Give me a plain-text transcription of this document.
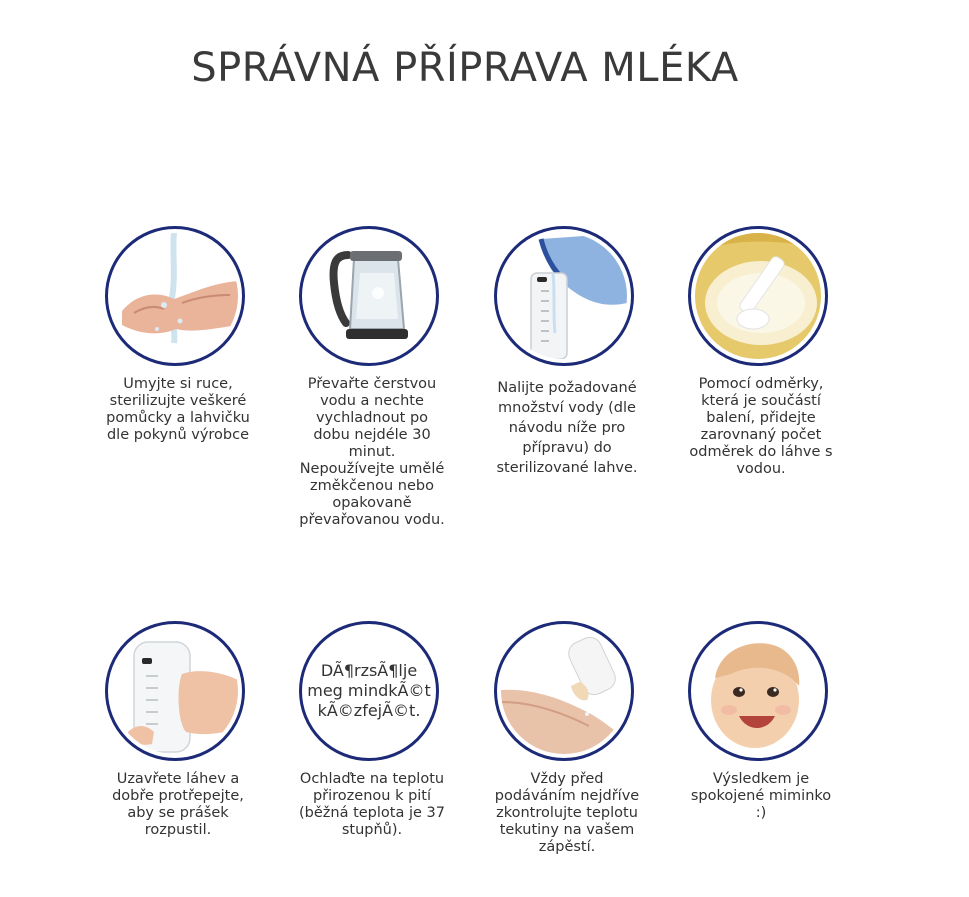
SPRÁVNÁ PŘÍPRAVA MLÉKA
Umyjte si ruce, sterilizujte veškeré pomůcky a lahvičku dle pokynů výrobce
Převařte čerstvou vodu a nechte vychladnout po dobu nejdéle 30 minut. Nepoužívejte umělé změkčenou nebo opakovaně převařovanou vodu.
Nalijte požadované množství vody (dle návodu níže pro přípravu) do sterilizované lahve.
Pomocí odměrky, která je součástí balení, přidejte zarovnaný počet odměrek do láhve s vodou.
Uzavřete láhev a dobře protřepejte, aby se prášek rozpustil.
DÃ¶rzsÃ¶lje meg mindkÃ©t kÃ©zfejÃ©t.
Ochlaďte na teplotu přirozenou k pití (běžná teplota je 37 stupňů).
Vždy před podáváním nejdříve zkontrolujte teplotu tekutiny na vašem zápěstí.
Výsledkem je spokojené miminko :)
